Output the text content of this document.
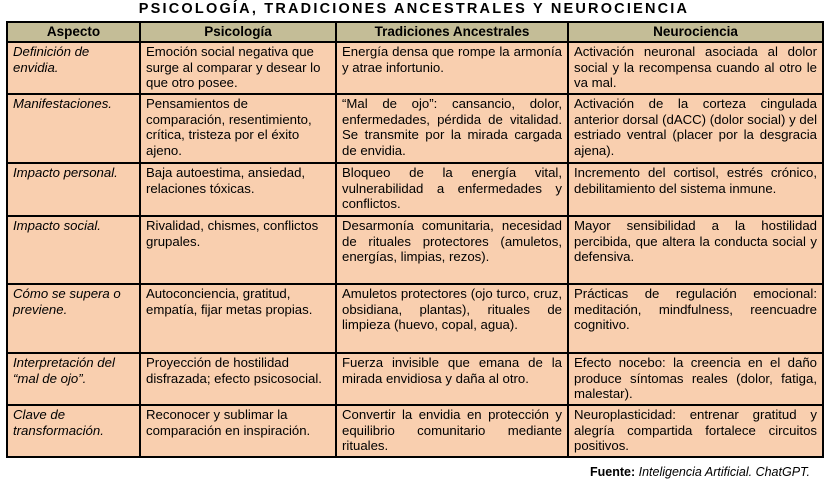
PSICOLOGÍA, TRADICIONES ANCESTRALES Y NEUROCIENCIA
Aspecto	Psicología	Tradiciones Ancestrales	Neurociencia
Definición de envidia.	Emoción social negativa que surge al comparar y desear lo que otro posee.	Energía densa que rompe la armonía y atrae infortunio.	Activación neuronal asociada al dolor social y la recompensa cuando al otro le va mal.
Manifestaciones.	Pensamientos de comparación, resentimiento, crítica, tristeza por el éxito ajeno.	“Mal de ojo”: cansancio, dolor, enfermedades, pérdida de vitalidad. Se transmite por la mirada cargada de envidia.	Activación de la corteza cingulada anterior dorsal (dACC) (dolor social) y del estriado ventral (placer por la desgracia ajena).
Impacto personal.	Baja autoestima, ansiedad, relaciones tóxicas.	Bloqueo de la energía vital, vulnerabilidad a enfermedades y conflictos.	Incremento del cortisol, estrés crónico, debilitamiento del sistema inmune.
Impacto social.	Rivalidad, chismes, conflictos grupales.	Desarmonía comunitaria, necesidad de rituales protectores (amuletos, energías, limpias, rezos).	Mayor sensibilidad a la hostilidad percibida, que altera la conducta social y defensiva.
Cómo se supera o previene.	Autoconciencia, gratitud, empatía, fijar metas propias.	Amuletos protectores (ojo turco, cruz, obsidiana, plantas), rituales de limpieza (huevo, copal, agua).	Prácticas de regulación emocional: meditación, mindfulness, reencuadre cognitivo.
Interpretación del “mal de ojo”.	Proyección de hostilidad disfrazada; efecto psicosocial.	Fuerza invisible que emana de la mirada envidiosa y daña al otro.	Efecto nocebo: la creencia en el daño produce síntomas reales (dolor, fatiga, malestar).
Clave de transformación.	Reconocer y sublimar la comparación en inspiración.	Convertir la envidia en protección y equilibrio comunitario mediante rituales.	Neuroplasticidad: entrenar gratitud y alegría compartida fortalece circuitos positivos.
Fuente: Inteligencia Artificial. ChatGPT.
